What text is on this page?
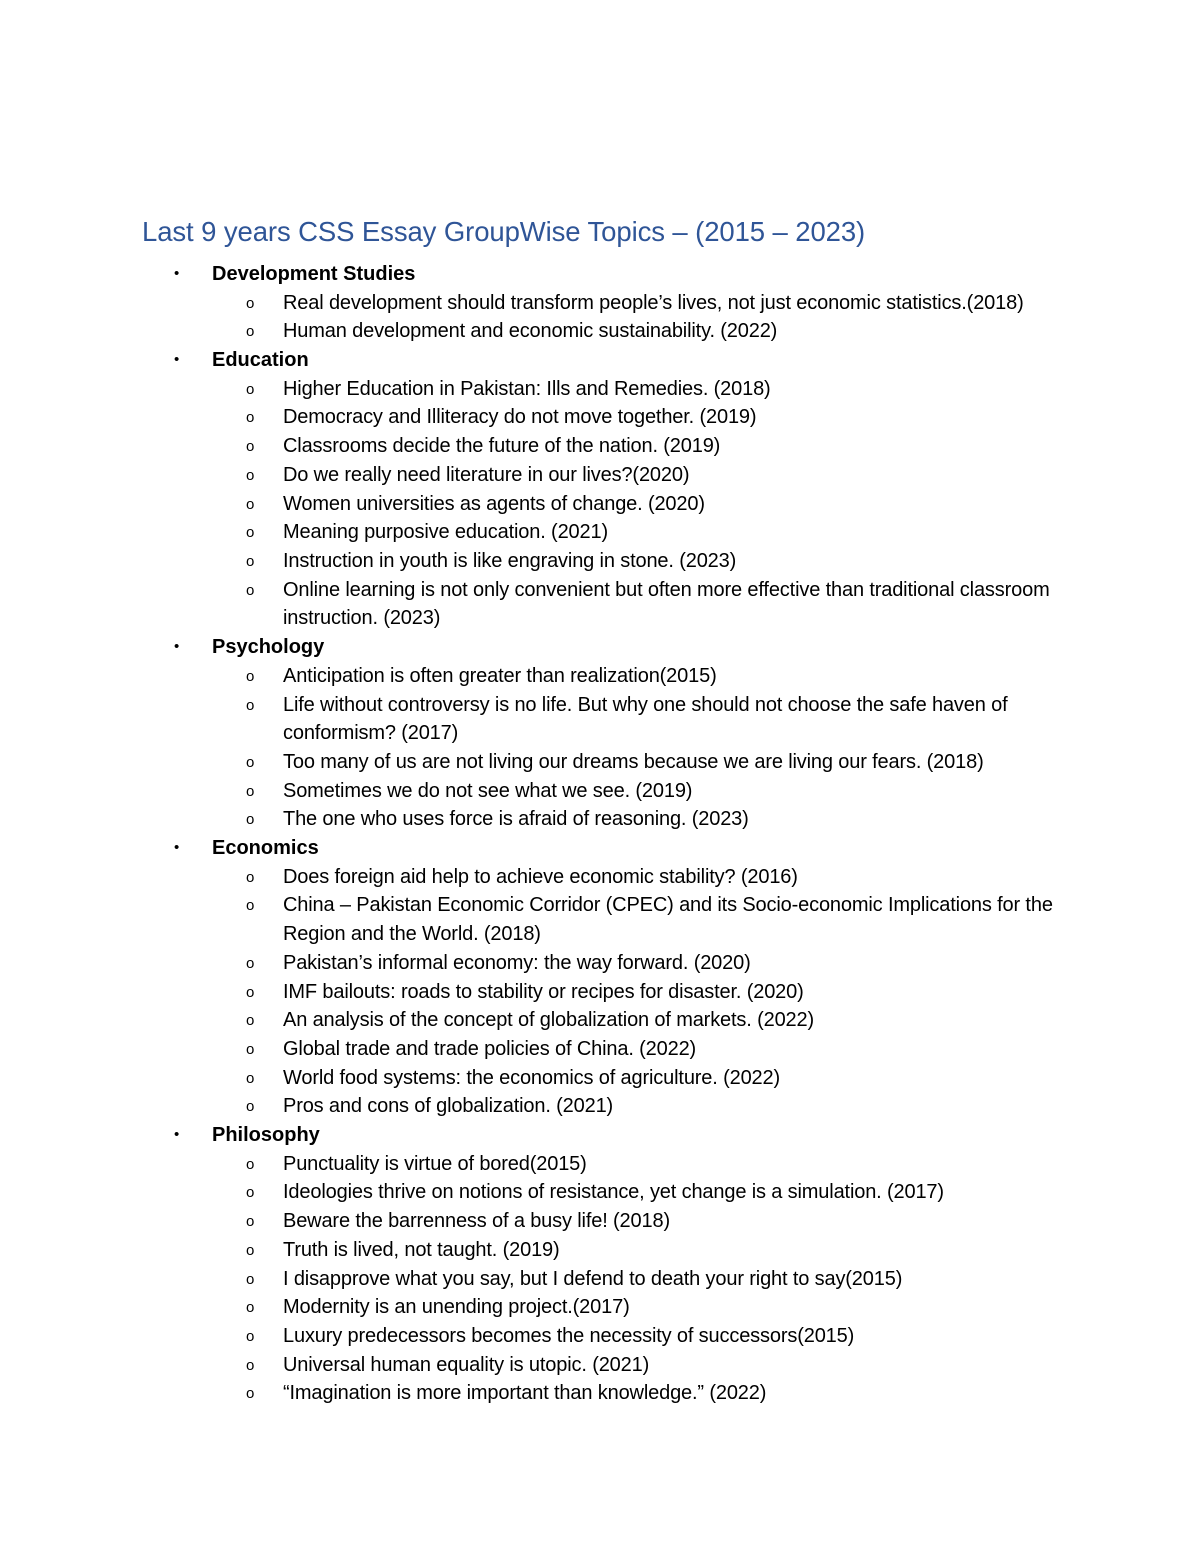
Last 9 years CSS Essay GroupWise Topics – (2015 – 2023)
• Development Studies
o Real development should transform people’s lives, not just economic statistics.(2018)
o Human development and economic sustainability. (2022)
• Education
o Higher Education in Pakistan: Ills and Remedies. (2018)
o Democracy and Illiteracy do not move together. (2019)
o Classrooms decide the future of the nation. (2019)
o Do we really need literature in our lives?(2020)
o Women universities as agents of change. (2020)
o Meaning purposive education. (2021)
o Instruction in youth is like engraving in stone. (2023)
o Online learning is not only convenient but often more effective than traditional classroom instruction. (2023)
• Psychology
o Anticipation is often greater than realization(2015)
o Life without controversy is no life. But why one should not choose the safe haven of conformism? (2017)
o Too many of us are not living our dreams because we are living our fears. (2018)
o Sometimes we do not see what we see. (2019)
o The one who uses force is afraid of reasoning. (2023)
• Economics
o Does foreign aid help to achieve economic stability? (2016)
o China – Pakistan Economic Corridor (CPEC) and its Socio-economic Implications for the Region and the World. (2018)
o Pakistan’s informal economy: the way forward. (2020)
o IMF bailouts: roads to stability or recipes for disaster. (2020)
o An analysis of the concept of globalization of markets. (2022)
o Global trade and trade policies of China. (2022)
o World food systems: the economics of agriculture. (2022)
o Pros and cons of globalization. (2021)
• Philosophy
o Punctuality is virtue of bored(2015)
o Ideologies thrive on notions of resistance, yet change is a simulation. (2017)
o Beware the barrenness of a busy life! (2018)
o Truth is lived, not taught. (2019)
o I disapprove what you say, but I defend to death your right to say(2015)
o Modernity is an unending project.(2017)
o Luxury predecessors becomes the necessity of successors(2015)
o Universal human equality is utopic. (2021)
o “Imagination is more important than knowledge.” (2022)
